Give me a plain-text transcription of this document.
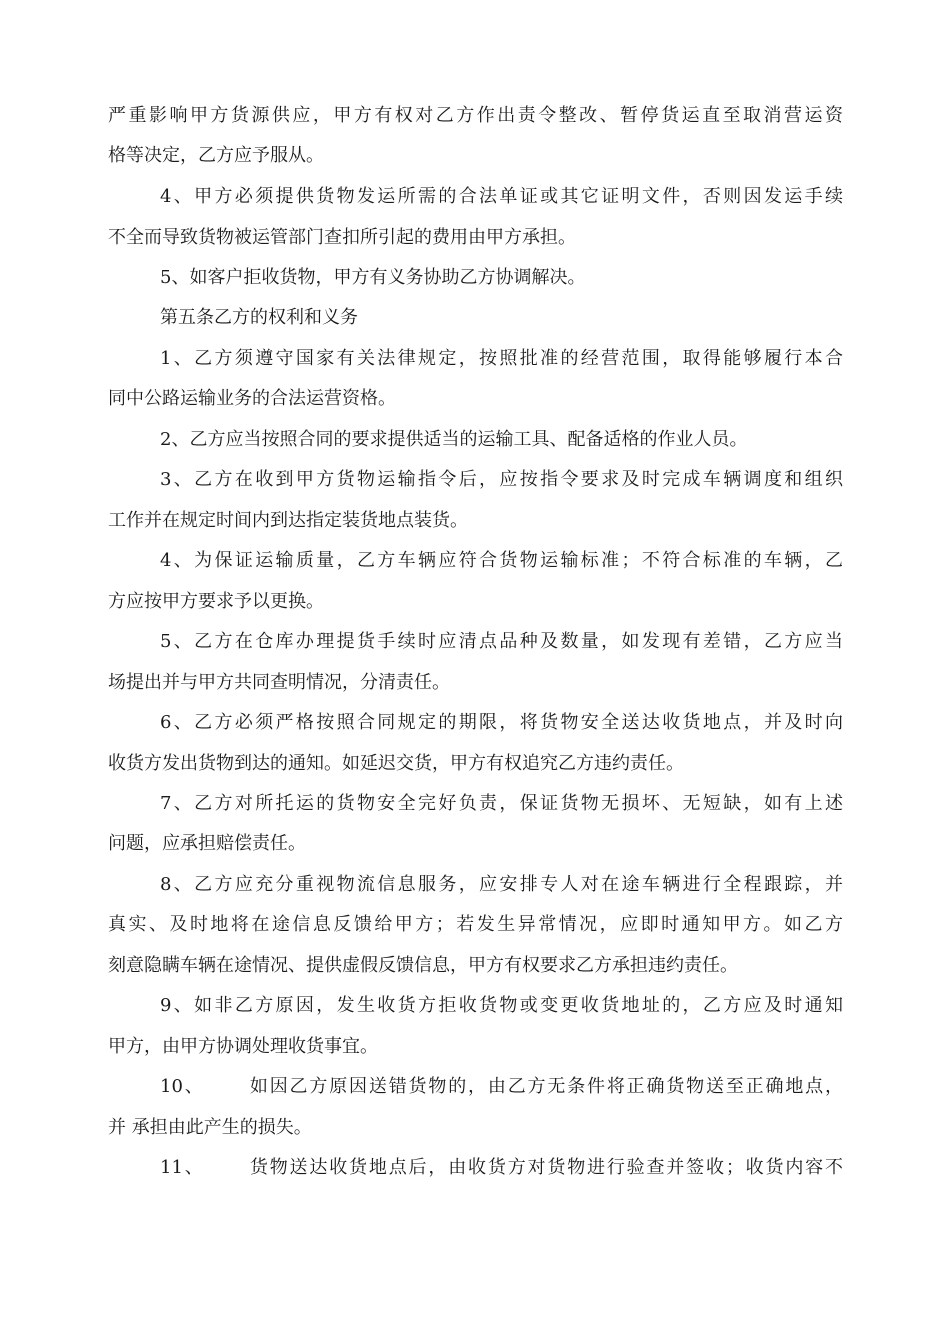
严重影响甲方货源供应，甲方有权对乙方作出责令整改、暂停货运直至取消营运资
格等决定，乙方应予服从。
4、甲方必须提供货物发运所需的合法单证或其它证明文件，否则因发运手续
不全而导致货物被运管部门查扣所引起的费用由甲方承担。
5、如客户拒收货物，甲方有义务协助乙方协调解决。
第五条乙方的权利和义务
1、乙方须遵守国家有关法律规定，按照批准的经营范围，取得能够履行本合
同中公路运输业务的合法运营资格。
2、乙方应当按照合同的要求提供适当的运输工具、配备适格的作业人员。
3、乙方在收到甲方货物运输指令后，应按指令要求及时完成车辆调度和组织
工作并在规定时间内到达指定装货地点装货。
4、为保证运输质量，乙方车辆应符合货物运输标准；不符合标准的车辆，乙
方应按甲方要求予以更换。
5、乙方在仓库办理提货手续时应清点品种及数量，如发现有差错，乙方应当
场提出并与甲方共同查明情况，分清责任。
6、乙方必须严格按照合同规定的期限，将货物安全送达收货地点，并及时向
收货方发出货物到达的通知。如延迟交货，甲方有权追究乙方违约责任。
7、乙方对所托运的货物安全完好负责，保证货物无损坏、无短缺，如有上述
问题，应承担赔偿责任。
8、乙方应充分重视物流信息服务，应安排专人对在途车辆进行全程跟踪，并
真实、及时地将在途信息反馈给甲方；若发生异常情况，应即时通知甲方。如乙方
刻意隐瞒车辆在途情况、提供虚假反馈信息，甲方有权要求乙方承担违约责任。
9、如非乙方原因，发生收货方拒收货物或变更收货地址的，乙方应及时通知
甲方，由甲方协调处理收货事宜。
10、      如因乙方原因送错货物的，由乙方无条件将正确货物送至正确地点，
并 承担由此产生的损失。
11、      货物送达收货地点后，由收货方对货物进行验查并签收；收货内容不
